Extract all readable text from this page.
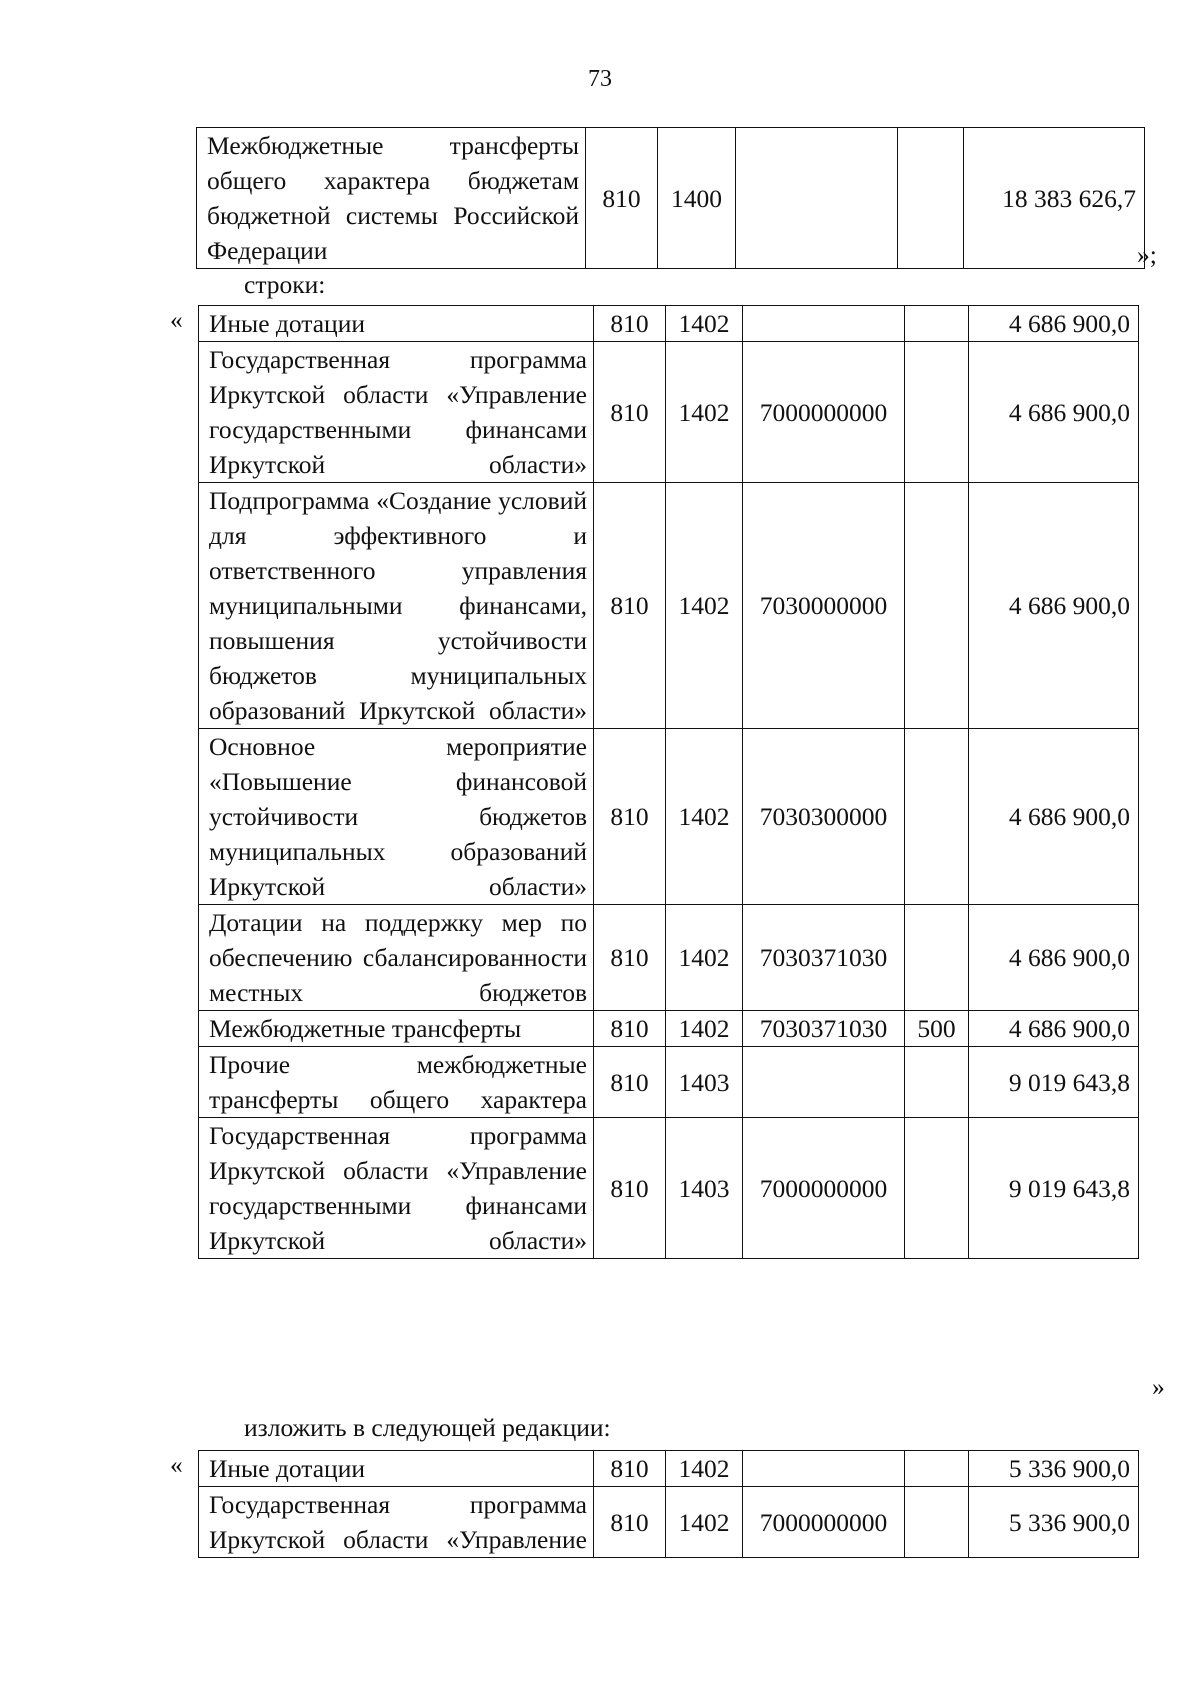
73
Межбюджетные трансферты общего характера бюджетам бюджетной системы Российской Федерации	810	1400			18 383 626,7
»;
строки:
« Иные дотации	810	1402			4 686 900,0
Государственная программа Иркутской области «Управление государственными финансами Иркутской области»	810	1402	7000000000		4 686 900,0
Подпрограмма «Создание условий для эффективного и ответственного управления муниципальными финансами, повышения устойчивости бюджетов муниципальных образований Иркутской области»	810	1402	7030000000		4 686 900,0
Основное мероприятие «Повышение финансовой устойчивости бюджетов муниципальных образований Иркутской области»	810	1402	7030300000		4 686 900,0
Дотации на поддержку мер по обеспечению сбалансированности местных бюджетов	810	1402	7030371030		4 686 900,0
Межбюджетные трансферты	810	1402	7030371030	500	4 686 900,0
Прочие межбюджетные трансферты общего характера	810	1403			9 019 643,8
Государственная программа Иркутской области «Управление государственными финансами Иркутской области»	810	1403	7000000000		9 019 643,8
»
изложить в следующей редакции:
« Иные дотации	810	1402			5 336 900,0
Государственная программа Иркутской области «Управление	810	1402	7000000000		5 336 900,0
